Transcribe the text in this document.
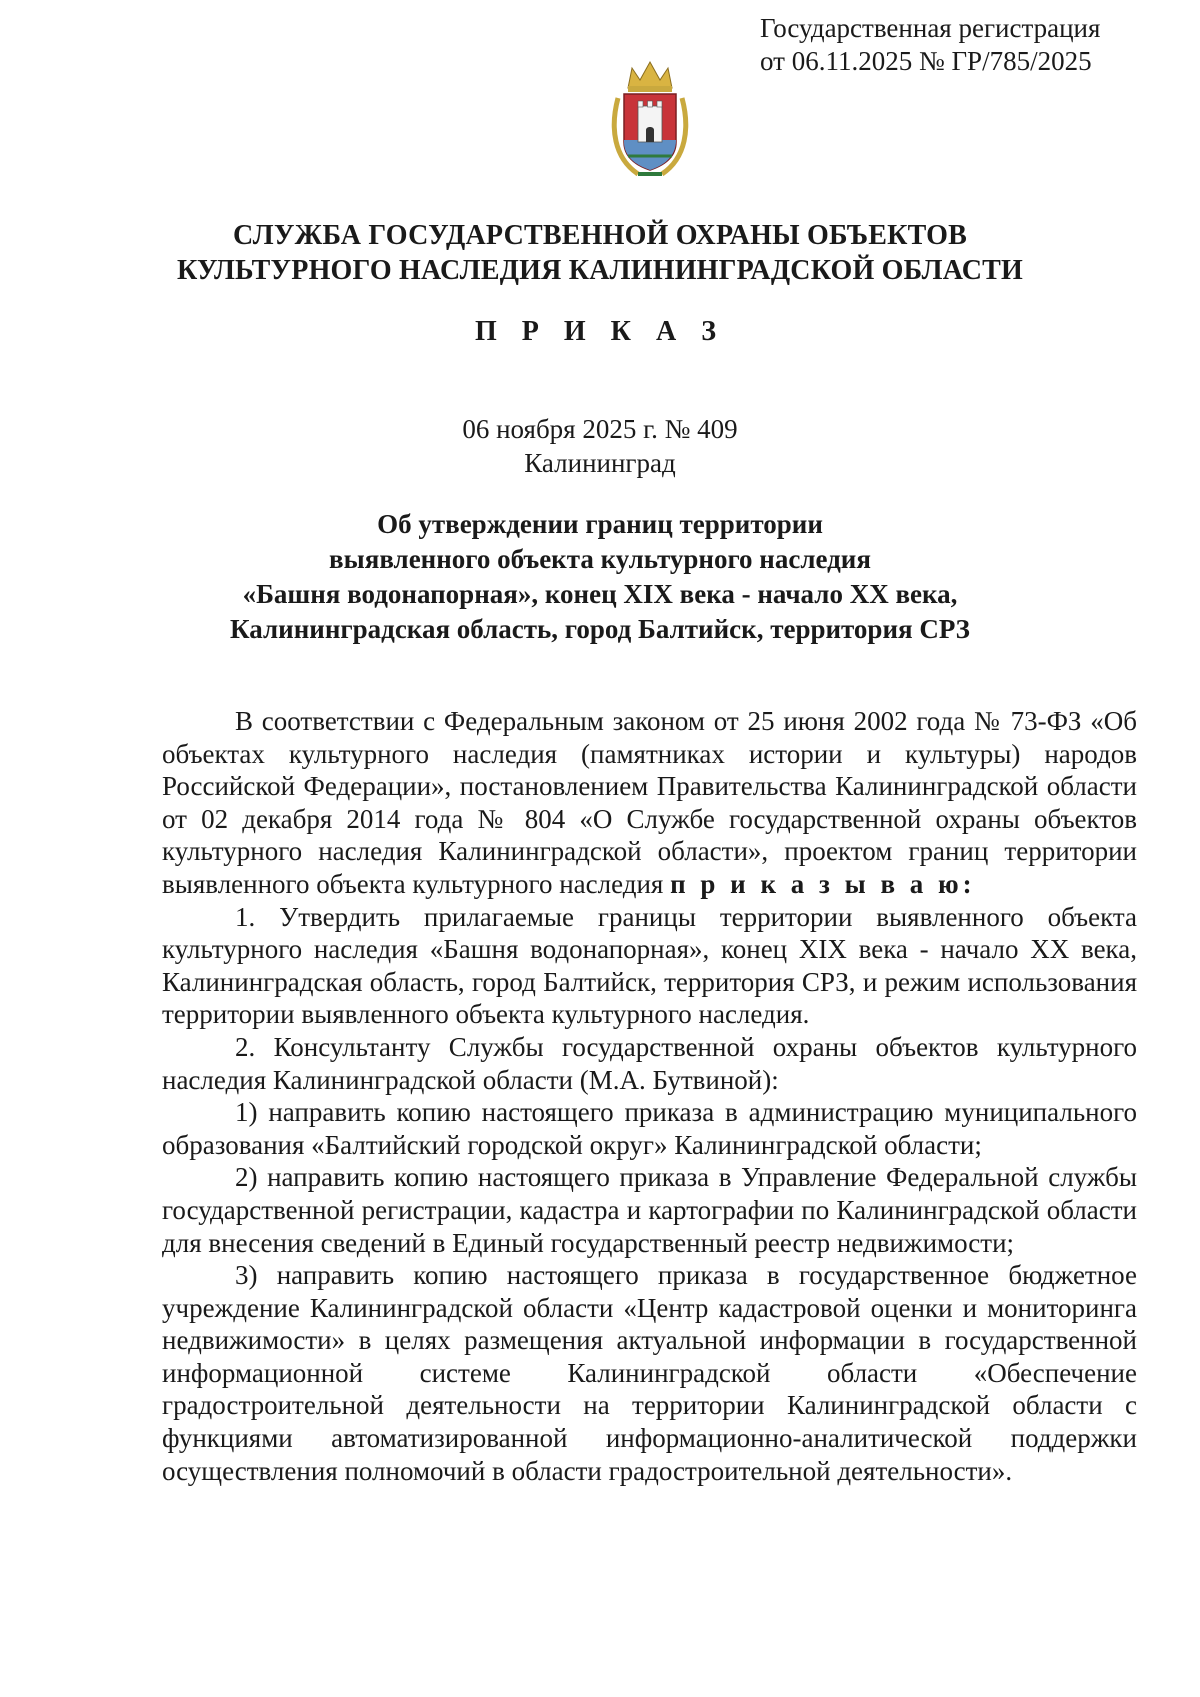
Государственная регистрация
от 06.11.2025 № ГР/785/2025
СЛУЖБА ГОСУДАРСТВЕННОЙ ОХРАНЫ ОБЪЕКТОВ
КУЛЬТУРНОГО НАСЛЕДИЯ КАЛИНИНГРАДСКОЙ ОБЛАСТИ
П Р И К А З
06 ноября 2025 г. № 409
Калининград
Об утверждении границ территории
выявленного объекта культурного наследия
«Башня водонапорная», конец XIX века - начало XX века,
Калининградская область, город Балтийск, территория СРЗ

В соответствии с Федеральным законом от 25 июня 2002 года № 73-ФЗ «Об объектах культурного наследия (памятниках истории и культуры) народов Российской Федерации», постановлением Правительства Калининградской области от 02 декабря 2014 года № 804 «О Службе государственной охраны объектов культурного наследия Калининградской области», проектом границ территории выявленного объекта культурного наследия п р и к а з ы в а ю:

1. Утвердить прилагаемые границы территории выявленного объекта культурного наследия «Башня водонапорная», конец XIX века - начало XX века, Калининградская область, город Балтийск, территория СРЗ, и режим использования территории выявленного объекта культурного наследия.

2. Консультанту Службы государственной охраны объектов культурного наследия Калининградской области (М.А. Бутвиной):

1) направить копию настоящего приказа в администрацию муниципального образования «Балтийский городской округ» Калининградской области;

2) направить копию настоящего приказа в Управление Федеральной службы государственной регистрации, кадастра и картографии по Калининградской области для внесения сведений в Единый государственный реестр недвижимости;

3) направить копию настоящего приказа в государственное бюджетное учреждение Калининградской области «Центр кадастровой оценки и мониторинга недвижимости» в целях размещения актуальной информации в государственной информационной системе Калининградской области «Обеспечение градостроительной деятельности на территории Калининградской области с функциями автоматизированной информационно-аналитической поддержки осуществления полномочий в области градостроительной деятельности».
